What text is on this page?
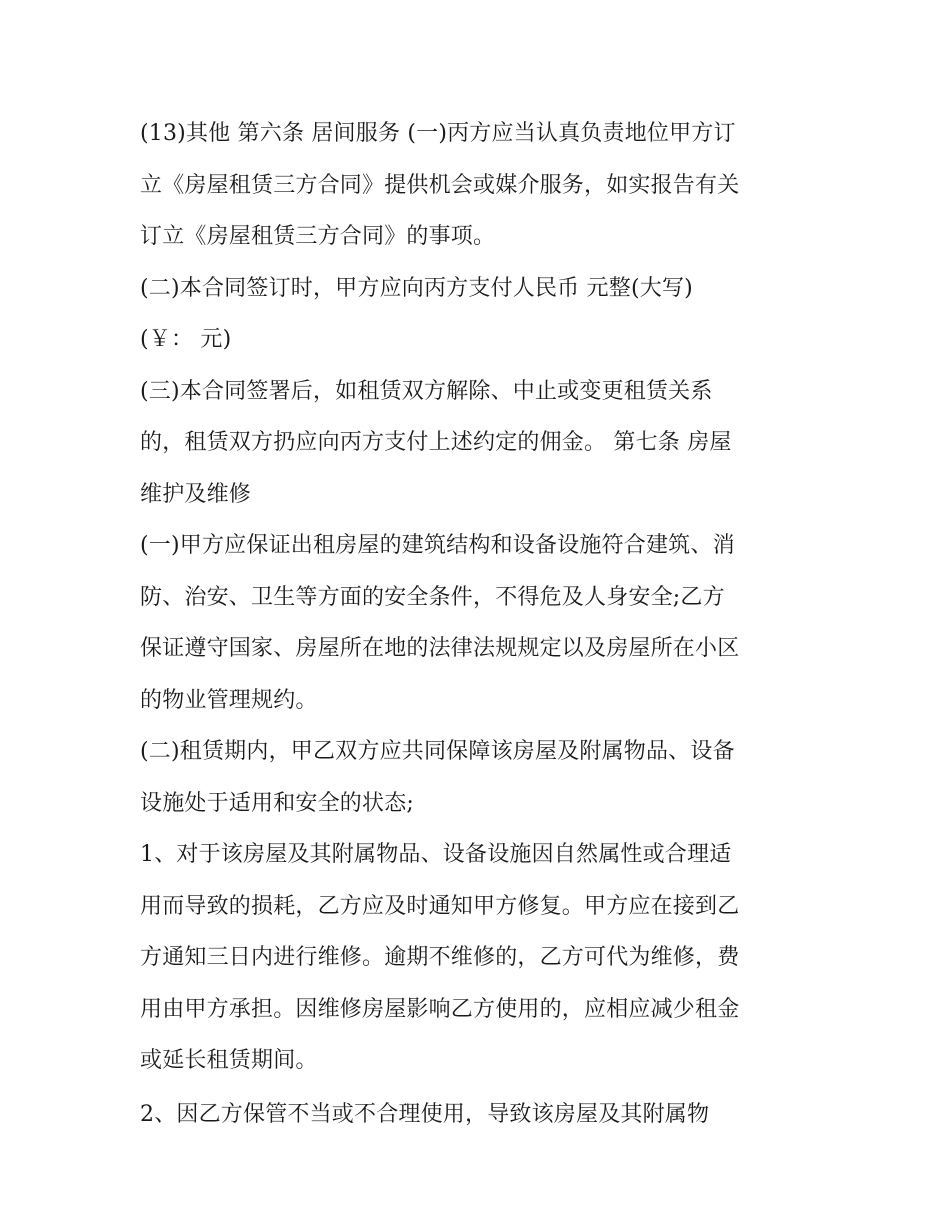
(13)其他 第六条 居间服务 (一)丙方应当认真负责地位甲方订
立《房屋租赁三方合同》提供机会或媒介服务，如实报告有关
订立《房屋租赁三方合同》的事项。

(二)本合同签订时，甲方应向丙方支付人民币 元整(大写)

(￥： 元)

(三)本合同签署后，如租赁双方解除、中止或变更租赁关系
的，租赁双方扔应向丙方支付上述约定的佣金。 第七条 房屋
维护及维修

(一)甲方应保证出租房屋的建筑结构和设备设施符合建筑、消
防、治安、卫生等方面的安全条件，不得危及人身安全;乙方
保证遵守国家、房屋所在地的法律法规规定以及房屋所在小区
的物业管理规约。

(二)租赁期内，甲乙双方应共同保障该房屋及附属物品、设备
设施处于适用和安全的状态;

1、对于该房屋及其附属物品、设备设施因自然属性或合理适
用而导致的损耗，乙方应及时通知甲方修复。甲方应在接到乙
方通知三日内进行维修。逾期不维修的，乙方可代为维修，费
用由甲方承担。因维修房屋影响乙方使用的，应相应减少租金
或延长租赁期间。

2、因乙方保管不当或不合理使用，导致该房屋及其附属物
